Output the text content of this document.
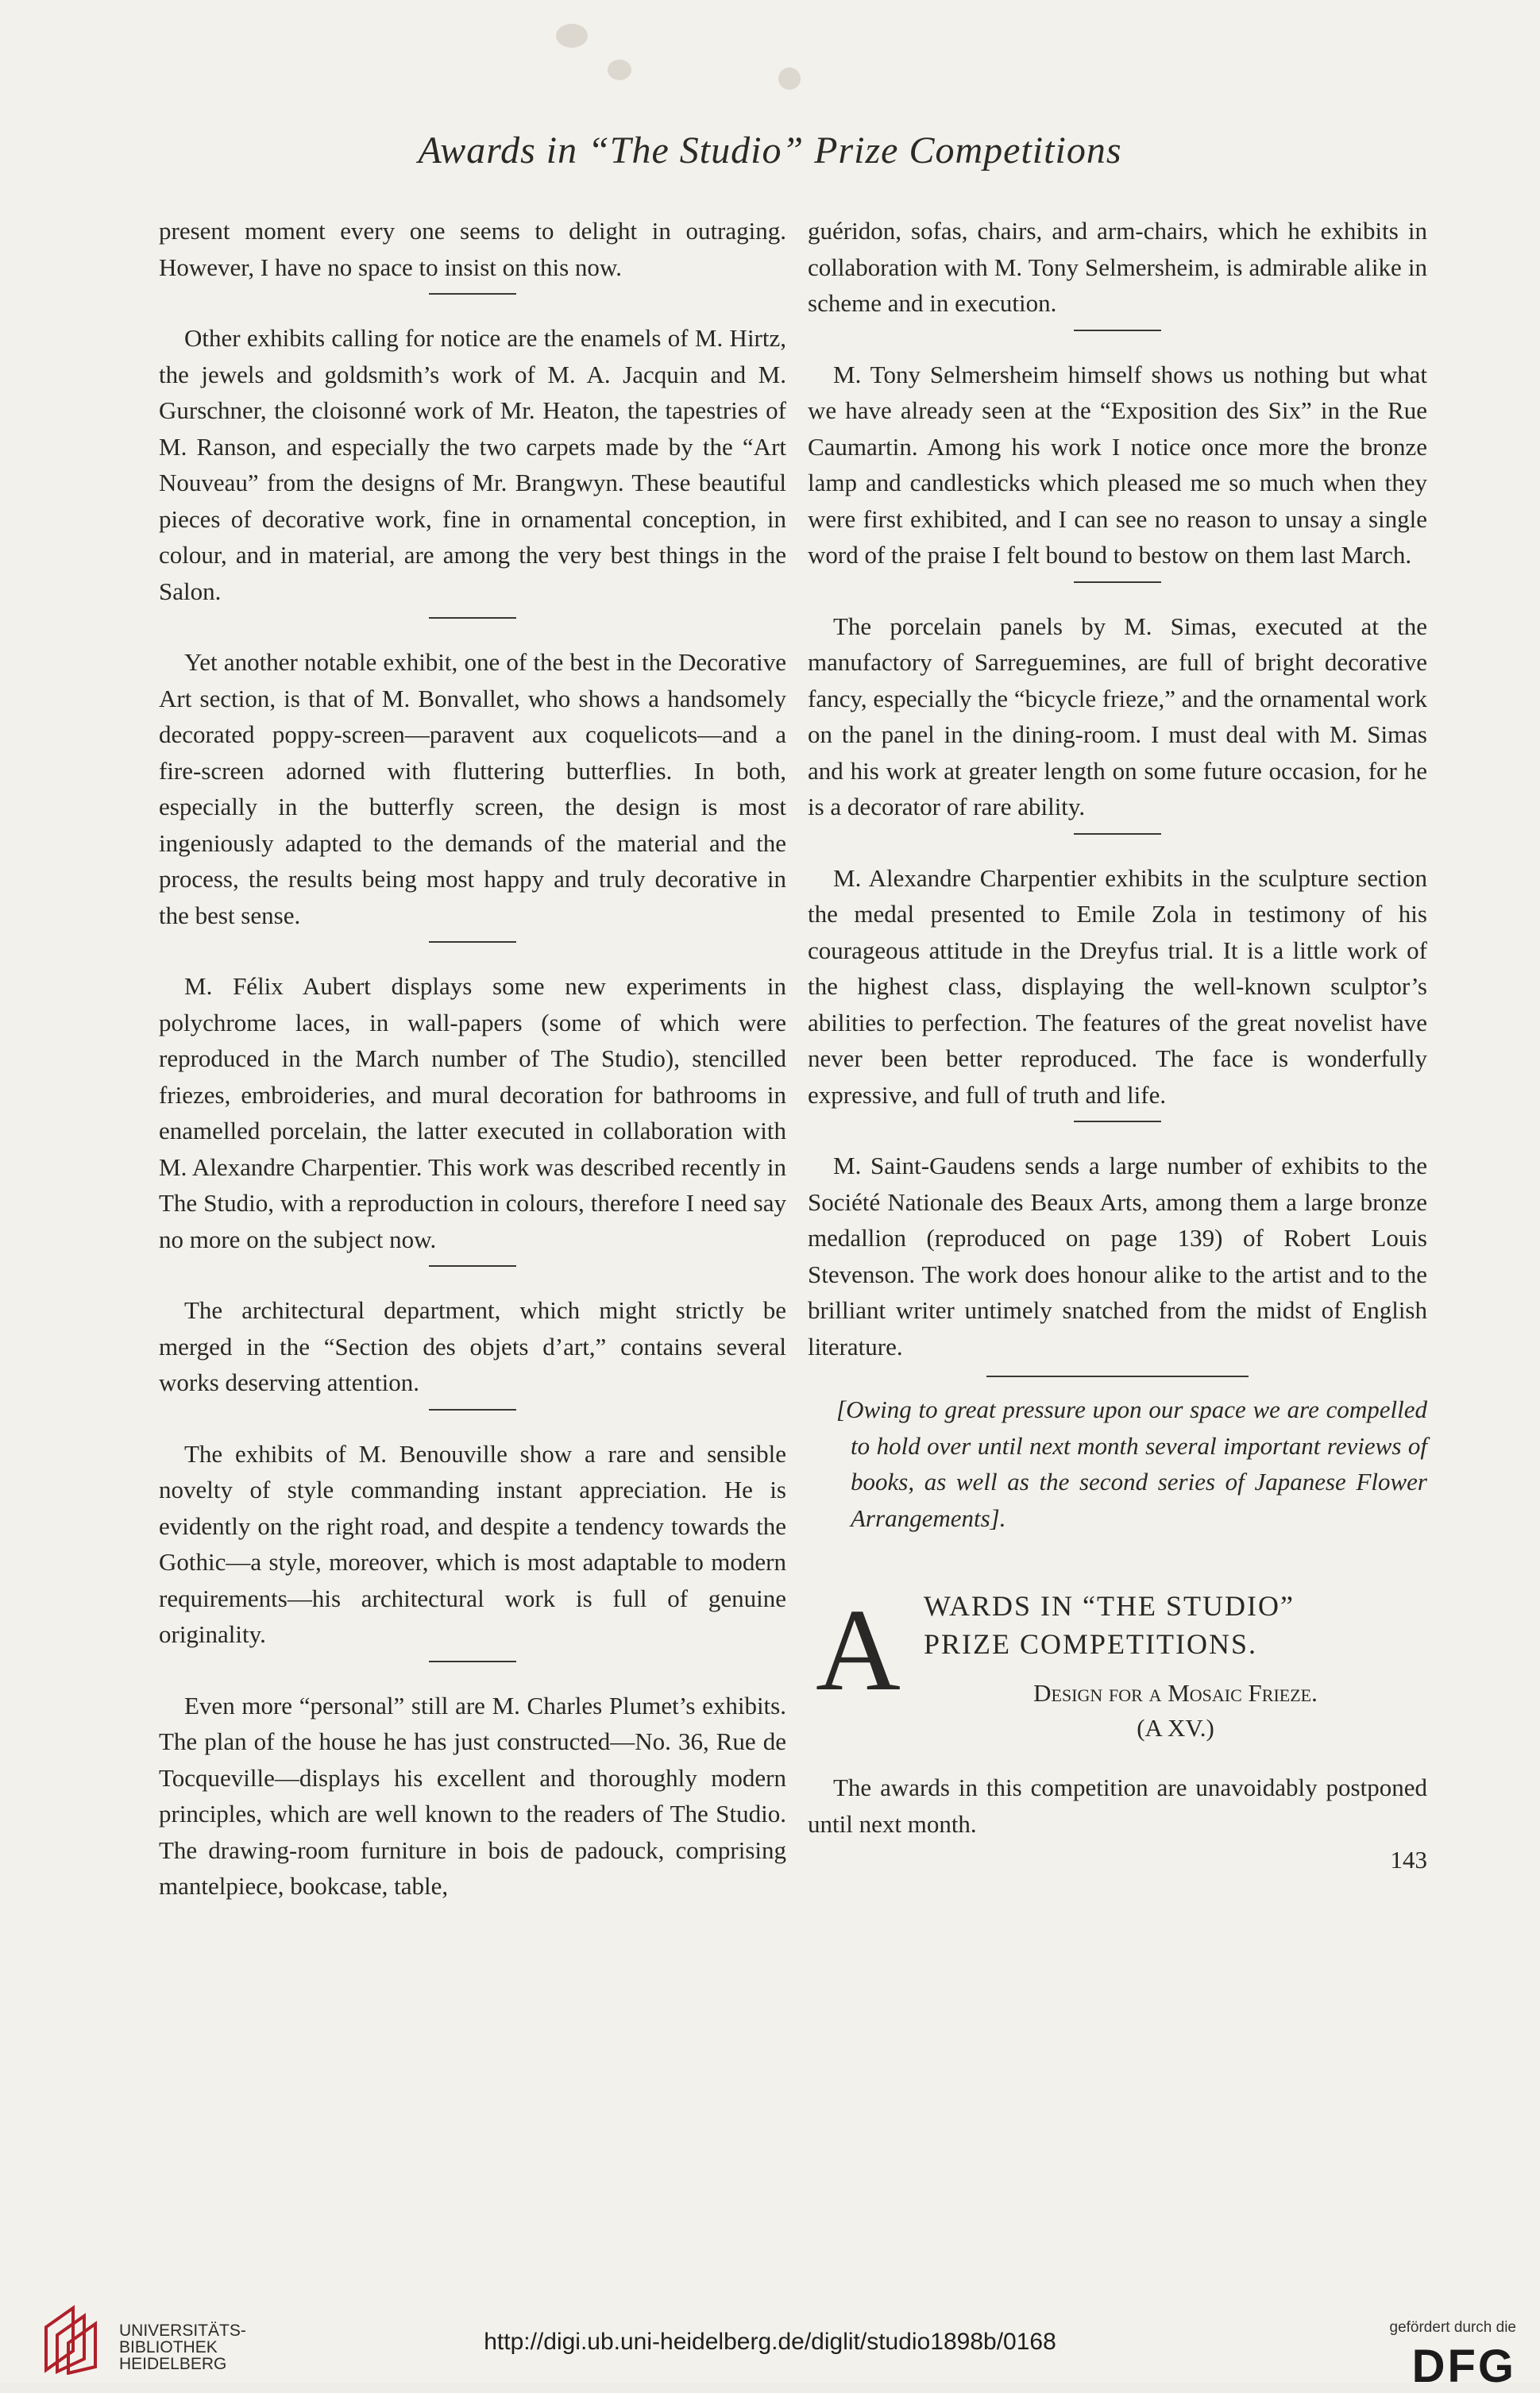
Awards in “The Studio” Prize Competitions

present moment every one seems to delight in outraging. However, I have no space to insist on this now.

Other exhibits calling for notice are the enamels of M. Hirtz, the jewels and goldsmith’s work of M. A. Jacquin and M. Gurschner, the cloisonné work of Mr. Heaton, the tapestries of M. Ranson, and especially the two carpets made by the “Art Nouveau” from the designs of Mr. Brangwyn. These beautiful pieces of decorative work, fine in ornamental conception, in colour, and in material, are among the very best things in the Salon.

Yet another notable exhibit, one of the best in the Decorative Art section, is that of M. Bonvallet, who shows a handsomely decorated poppy-screen—paravent aux coquelicots—and a fire-screen adorned with fluttering butterflies. In both, especially in the butterfly screen, the design is most ingeniously adapted to the demands of the material and the process, the results being most happy and truly decorative in the best sense.

M. Félix Aubert displays some new experiments in polychrome laces, in wall-papers (some of which were reproduced in the March number of The Studio), stencilled friezes, embroideries, and mural decoration for bathrooms in enamelled porcelain, the latter executed in collaboration with M. Alexandre Charpentier. This work was described recently in The Studio, with a reproduction in colours, therefore I need say no more on the subject now.

The architectural department, which might strictly be merged in the “Section des objets d’art,” contains several works deserving attention.

The exhibits of M. Benouville show a rare and sensible novelty of style commanding instant appreciation. He is evidently on the right road, and despite a tendency towards the Gothic—a style, moreover, which is most adaptable to modern requirements—his architectural work is full of genuine originality.

Even more “personal” still are M. Charles Plumet’s exhibits. The plan of the house he has just constructed—No. 36, Rue de Tocqueville—displays his excellent and thoroughly modern principles, which are well known to the readers of The Studio. The drawing-room furniture in bois de padouck, comprising mantelpiece, bookcase, table,

guéridon, sofas, chairs, and arm-chairs, which he exhibits in collaboration with M. Tony Selmersheim, is admirable alike in scheme and in execution.

M. Tony Selmersheim himself shows us nothing but what we have already seen at the “Exposition des Six” in the Rue Caumartin. Among his work I notice once more the bronze lamp and candlesticks which pleased me so much when they were first exhibited, and I can see no reason to unsay a single word of the praise I felt bound to bestow on them last March.

The porcelain panels by M. Simas, executed at the manufactory of Sarreguemines, are full of bright decorative fancy, especially the “bicycle frieze,” and the ornamental work on the panel in the dining-room. I must deal with M. Simas and his work at greater length on some future occasion, for he is a decorator of rare ability.

M. Alexandre Charpentier exhibits in the sculpture section the medal presented to Emile Zola in testimony of his courageous attitude in the Dreyfus trial. It is a little work of the highest class, displaying the well-known sculptor’s abilities to perfection. The features of the great novelist have never been better reproduced. The face is wonderfully expressive, and full of truth and life.

M. Saint-Gaudens sends a large number of exhibits to the Société Nationale des Beaux Arts, among them a large bronze medallion (reproduced on page 139) of Robert Louis Stevenson. The work does honour alike to the artist and to the brilliant writer untimely snatched from the midst of English literature.

[Owing to great pressure upon our space we are compelled to hold over until next month several important reviews of books, as well as the second series of Japanese Flower Arrangements].

A WARDS IN “THE STUDIO”
PRIZE COMPETITIONS.
Design for a Mosaic Frieze.
(A XV.)

The awards in this competition are unavoidably postponed until next month.

143
UNIVERSITÄTS-
BIBLIOTHEK
HEIDELBERG
http://digi.ub.uni-heidelberg.de/diglit/studio1898b/0168
gefördert durch die
DFG
